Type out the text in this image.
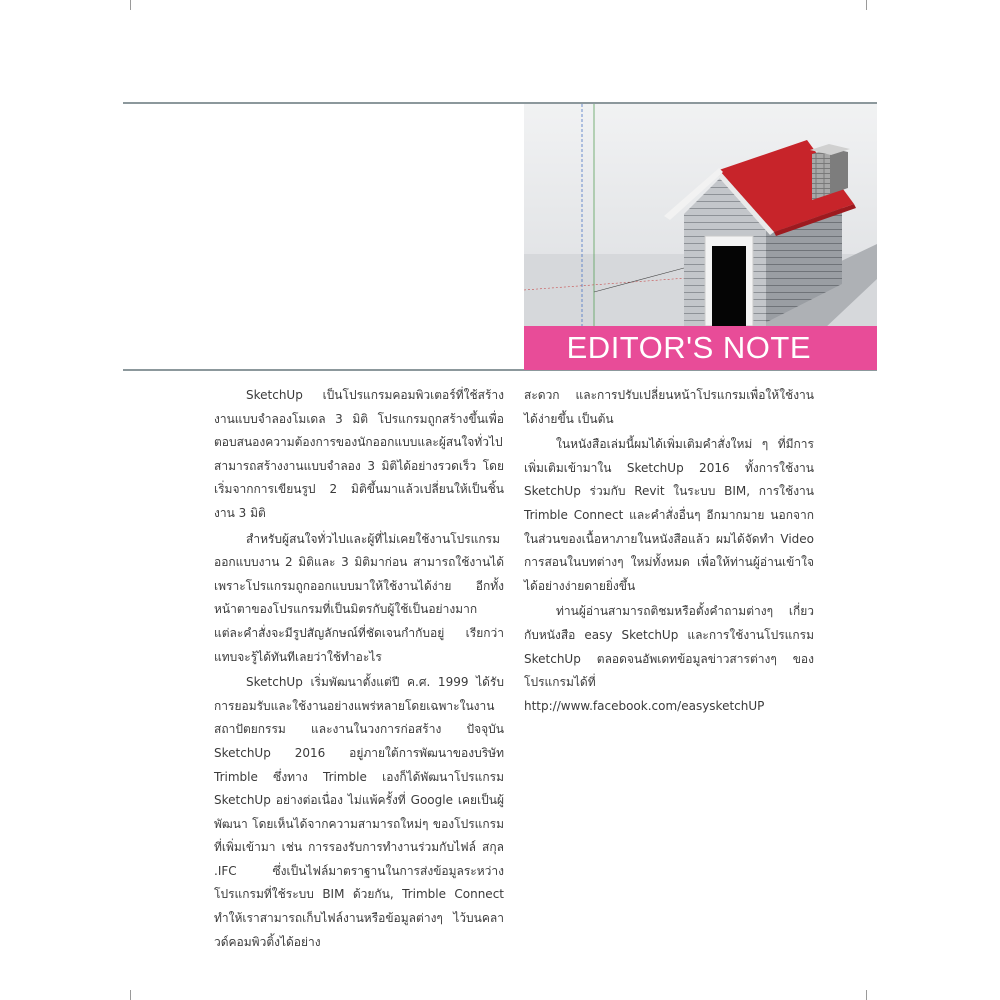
EDITOR'S NOTE

SketchUp เป็นโปรแกรมคอมพิวเตอร์ที่ใช้สร้างงานแบบจำลองโมเดล 3 มิติ โปรแกรมถูกสร้างขึ้นเพื่อตอบสนองความต้องการของนักออกแบบและผู้สนใจทั่วไป สามารถสร้างงานแบบจำลอง 3 มิติได้อย่างรวดเร็ว โดยเริ่มจากการเขียนรูป 2 มิติขึ้นมาแล้วเปลี่ยนให้เป็นชิ้นงาน 3 มิติ

สำหรับผู้สนใจทั่วไปและผู้ที่ไม่เคยใช้งานโปรแกรมออกแบบงาน 2 มิติและ 3 มิติมาก่อน สามารถใช้งานได้ เพราะโปรแกรมถูกออกแบบมาให้ใช้งานได้ง่าย อีกทั้งหน้าตาของโปรแกรมที่เป็นมิตรกับผู้ใช้เป็นอย่างมาก แต่ละคำสั่งจะมีรูปสัญลักษณ์ที่ชัดเจนกำกับอยู่ เรียกว่าแทบจะรู้ได้ทันทีเลยว่าใช้ทำอะไร

SketchUp เริ่มพัฒนาตั้งแต่ปี ค.ศ. 1999 ได้รับการยอมรับและใช้งานอย่างแพร่หลายโดยเฉพาะในงานสถาปัตยกรรม และงานในวงการก่อสร้าง ปัจจุบัน SketchUp 2016 อยู่ภายใต้การพัฒนาของบริษัท Trimble ซึ่งทาง Trimble เองก็ได้พัฒนาโปรแกรม SketchUp อย่างต่อเนื่อง ไม่แพ้ครั้งที่ Google เคยเป็นผู้พัฒนา โดยเห็นได้จากความสามารถใหม่ๆ ของโปรแกรมที่เพิ่มเข้ามา เช่น การรองรับการทำงานร่วมกับไฟล์ สกุล .IFC ซึ่งเป็นไฟล์มาตราฐานในการส่งข้อมูลระหว่างโปรแกรมที่ใช้ระบบ BIM ด้วยกัน, Trimble Connect ทำให้เราสามารถเก็บไฟล์งานหรือข้อมูลต่างๆ ไว้บนคลาวด์คอมพิวติ้งได้อย่าง

สะดวก และการปรับเปลี่ยนหน้าโปรแกรมเพื่อให้ใช้งานได้ง่ายขึ้น เป็นต้น

ในหนังสือเล่มนี้ผมได้เพิ่มเติมคำสั่งใหม่ ๆ ที่มีการเพิ่มเติมเข้ามาใน SketchUp 2016 ทั้งการใช้งาน SketchUp ร่วมกับ Revit ในระบบ BIM, การใช้งาน Trimble Connect และคำสั่งอื่นๆ อีกมากมาย นอกจากในส่วนของเนื้อหาภายในหนังสือแล้ว ผมได้จัดทำ Video การสอนในบทต่างๆ ใหม่ทั้งหมด เพื่อให้ท่านผู้อ่านเข้าใจได้อย่างง่ายดายยิ่งขึ้น

ท่านผู้อ่านสามารถติชมหรือตั้งคำถามต่างๆ เกี่ยวกับหนังสือ easy SketchUp และการใช้งานโปรแกรม SketchUp ตลอดจนอัพเดทข้อมูลข่าวสารต่างๆ ของโปรแกรมได้ที่ http://www.facebook.com/easysketchUP
